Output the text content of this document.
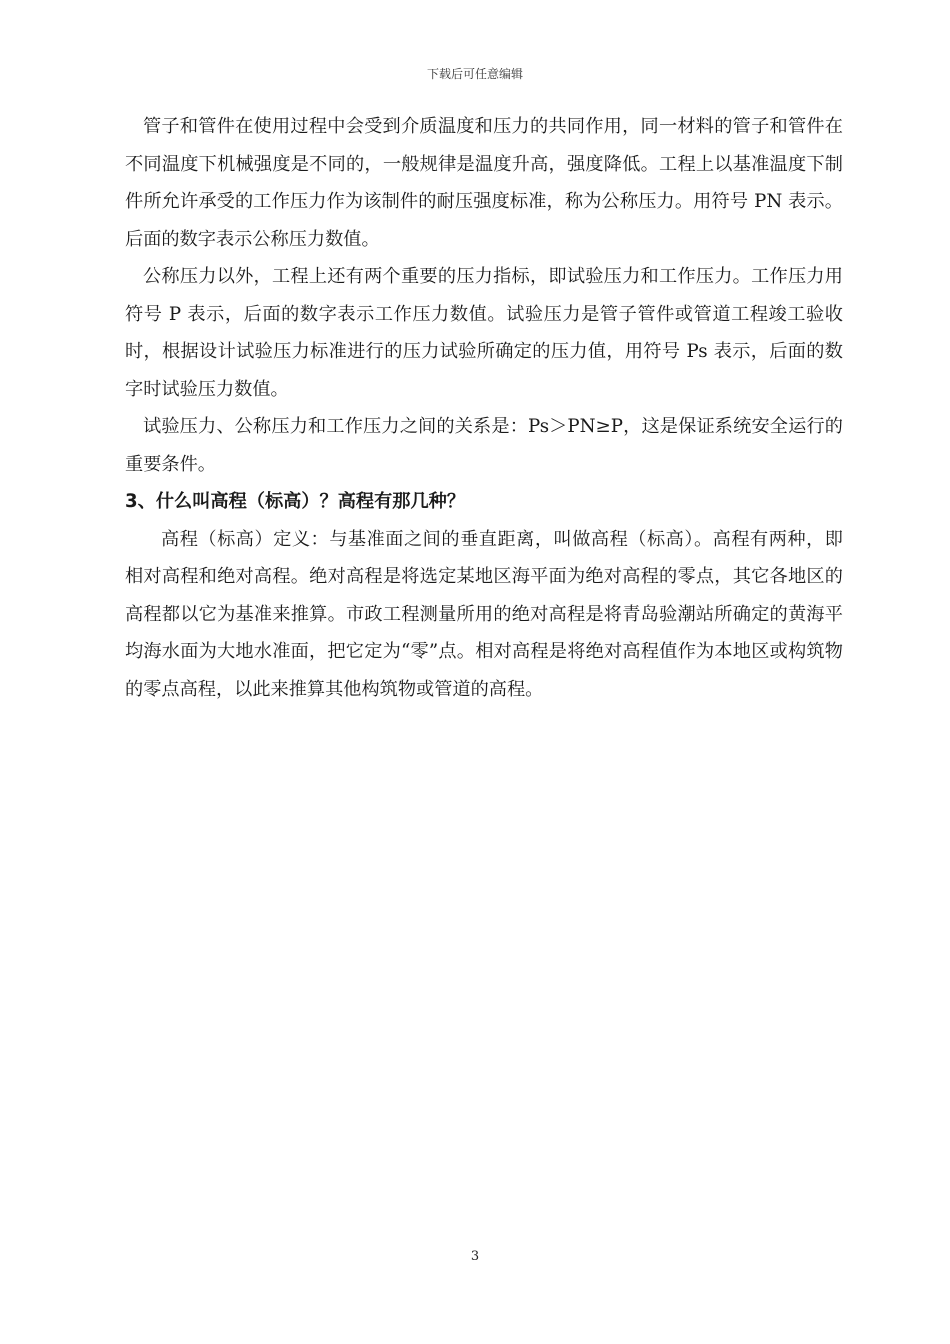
下载后可任意编辑

管子和管件在使用过程中会受到介质温度和压力的共同作用，同一材料的管子和管件在不同温度下机械强度是不同的，一般规律是温度升高，强度降低。工程上以基准温度下制件所允许承受的工作压力作为该制件的耐压强度标准，称为公称压力。用符号 PN 表示。后面的数字表示公称压力数值。

公称压力以外，工程上还有两个重要的压力指标，即试验压力和工作压力。工作压力用符号 P 表示，后面的数字表示工作压力数值。试验压力是管子管件或管道工程竣工验收时，根据设计试验压力标准进行的压力试验所确定的压力值，用符号 Ps 表示，后面的数字时试验压力数值。

试验压力、公称压力和工作压力之间的关系是：Ps＞PN≥P，这是保证系统安全运行的重要条件。

3、什么叫高程（标高）？高程有那几种？

高程（标高）定义：与基准面之间的垂直距离，叫做高程（标高）。高程有两种，即相对高程和绝对高程。绝对高程是将选定某地区海平面为绝对高程的零点，其它各地区的高程都以它为基准来推算。市政工程测量所用的绝对高程是将青岛验潮站所确定的黄海平均海水面为大地水准面，把它定为“零”点。相对高程是将绝对高程值作为本地区或构筑物的零点高程，以此来推算其他构筑物或管道的高程。

3
